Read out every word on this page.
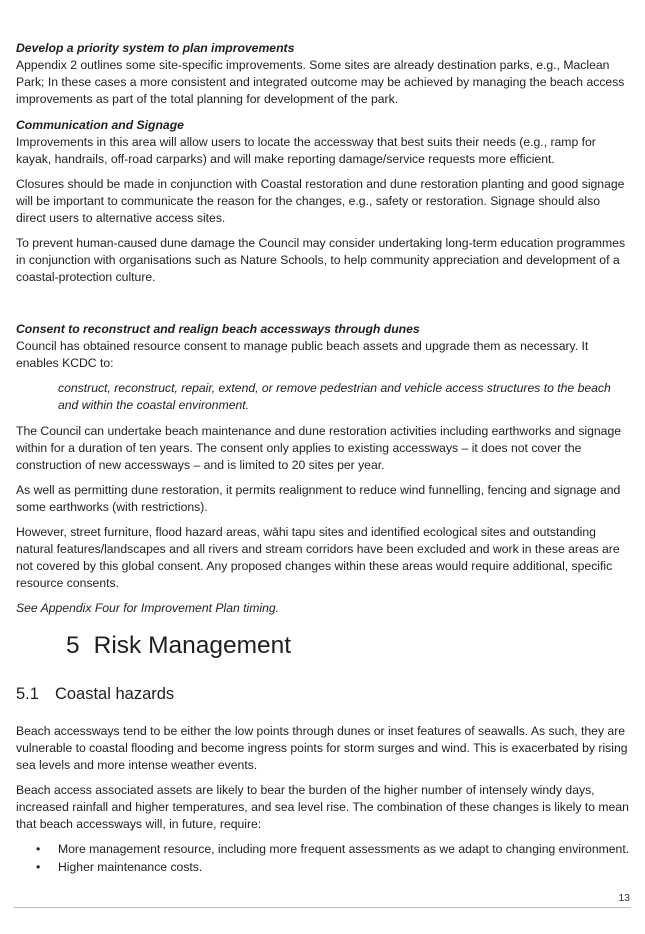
Develop a priority system to plan improvements

Appendix 2 outlines some site-specific improvements. Some sites are already destination parks, e.g., Maclean Park; In these cases a more consistent and integrated outcome may be achieved by managing the beach access improvements as part of the total planning for development of the park.

Communication and Signage

Improvements in this area will allow users to locate the accessway that best suits their needs (e.g., ramp for kayak, handrails, off-road carparks) and will make reporting damage/service requests more efficient.

Closures should be made in conjunction with Coastal restoration and dune restoration planting and good signage will be important to communicate the reason for the changes, e.g., safety or restoration. Signage should also direct users to alternative access sites.

To prevent human-caused dune damage the Council may consider undertaking long-term education programmes in conjunction with organisations such as Nature Schools, to help community appreciation and development of a coastal-protection culture.

Consent to reconstruct and realign beach accessways through dunes

Council has obtained resource consent to manage public beach assets and upgrade them as necessary. It enables KCDC to:

construct, reconstruct, repair, extend, or remove pedestrian and vehicle access structures to the beach and within the coastal environment.

The Council can undertake beach maintenance and dune restoration activities including earthworks and signage within for a duration of ten years. The consent only applies to existing accessways – it does not cover the construction of new accessways – and is limited to 20 sites per year.

As well as permitting dune restoration, it permits realignment to reduce wind funnelling, fencing and signage and some earthworks (with restrictions).

However, street furniture, flood hazard areas, wāhi tapu sites and identified ecological sites and outstanding natural features/landscapes and all rivers and stream corridors have been excluded and work in these areas are not covered by this global consent. Any proposed changes within these areas would require additional, specific resource consents.

See Appendix Four for Improvement Plan timing.

5 Risk Management
5.1 Coastal hazards

Beach accessways tend to be either the low points through dunes or inset features of seawalls. As such, they are vulnerable to coastal flooding and become ingress points for storm surges and wind. This is exacerbated by rising sea levels and more intense weather events.

Beach access associated assets are likely to bear the burden of the higher number of intensely windy days, increased rainfall and higher temperatures, and sea level rise. The combination of these changes is likely to mean that beach accessways will, in future, require:

• More management resource, including more frequent assessments as we adapt to changing environment.
• Higher maintenance costs.
13
